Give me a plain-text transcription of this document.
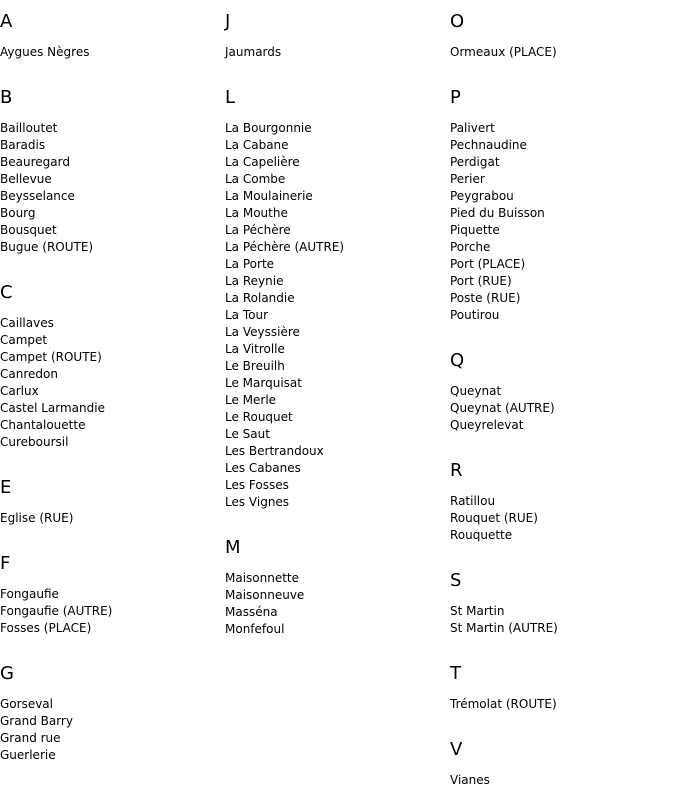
A
Aygues Nègres
B
Bailloutet
Baradis
Beauregard
Bellevue
Beysselance
Bourg
Bousquet
Bugue (ROUTE)
C
Caillaves
Campet
Campet (ROUTE)
Canredon
Carlux
Castel Larmandie
Chantalouette
Cureboursil
E
Eglise (RUE)
F
Fongaufie
Fongaufie (AUTRE)
Fosses (PLACE)
G
Gorseval
Grand Barry
Grand rue
Guerlerie
J
Jaumards
L
La Bourgonnie
La Cabane
La Capelière
La Combe
La Moulainerie
La Mouthe
La Péchère
La Péchère (AUTRE)
La Porte
La Reynie
La Rolandie
La Tour
La Veyssière
La Vitrolle
Le Breuilh
Le Marquisat
Le Merle
Le Rouquet
Le Saut
Les Bertrandoux
Les Cabanes
Les Fosses
Les Vignes
M
Maisonnette
Maisonneuve
Masséna
Monfefoul
O
Ormeaux (PLACE)
P
Palivert
Pechnaudine
Perdigat
Perier
Peygrabou
Pied du Buisson
Piquette
Porche
Port (PLACE)
Port (RUE)
Poste (RUE)
Poutirou
Q
Queynat
Queynat (AUTRE)
Queyrelevat
R
Ratillou
Rouquet (RUE)
Rouquette
S
St Martin
St Martin (AUTRE)
T
Trémolat (ROUTE)
V
Vianes
